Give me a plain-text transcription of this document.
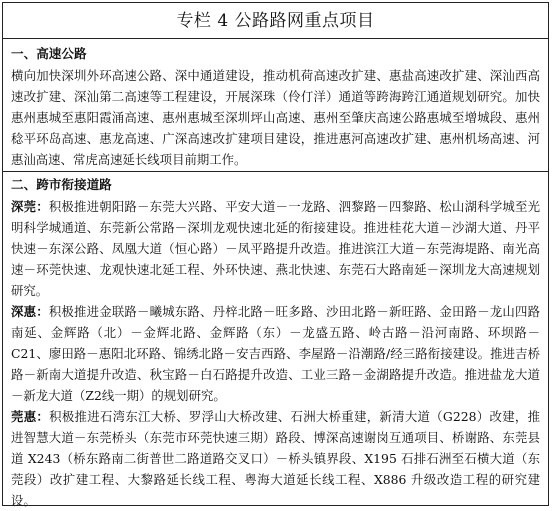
专栏 4 公路路网重点项目
一、高速公路

横向加快深圳外环高速公路、深中通道建设，推动机荷高速改扩建、惠盐高速改扩建、深汕西高速改扩建、深汕第二高速等工程建设，开展深珠（伶仃洋）通道等跨海跨江通道规划研究。加快惠州惠城至惠阳霞涌高速、惠州惠城至深圳坪山高速、惠州至肇庆高速公路惠城至增城段、惠州稔平环岛高速、惠龙高速、广深高速改扩建项目建设，推进惠河高速改扩建、惠州机场高速、河惠汕高速、常虎高速延长线项目前期工作。

二、跨市衔接道路

深莞：积极推进朝阳路－东莞大兴路、平安大道－一龙路、泗黎路－四黎路、松山湖科学城至光明科学城通道、东莞新公常路－深圳龙观快速北延的衔接建设。推进桂花大道－沙湖大道、丹平快速－东深公路、凤凰大道（恒心路）－凤平路提升改造。推进滨江大道－东莞海堤路、南光高速－环莞快速、龙观快速北延工程、外环快速、燕北快速、东莞石大路南延－深圳龙大高速规划研究。

深惠：积极推进金联路－曦城东路、丹梓北路－旺多路、沙田北路－新旺路、金田路－龙山四路南延、金辉路（北）－金辉北路、金辉路（东）－龙盛五路、岭古路－沿河南路、环坝路－C21、廖田路－惠阳北环路、锦绣北路－安吉西路、李屋路－沿潮路/经三路衔接建设。推进吉桥路－新南大道提升改造、秋宝路－白石路提升改造、工业三路－金湖路提升改造。推进盐龙大道－新龙大道（Z2线一期）的规划研究。

莞惠：积极推进石湾东江大桥、罗浮山大桥改建、石洲大桥重建，新清大道（G228）改建，推进智慧大道－东莞桥头（东莞市环莞快速三期）路段、博深高速谢岗互通项目、桥谢路、东莞县道 X243（桥东路南二街普世二路道路交叉口）－桥头镇界段、X195 石排石洲至石横大道（东莞段）改扩建工程、大黎路延长线工程、粤海大道延长线工程、X886 升级改造工程的研究建设。
